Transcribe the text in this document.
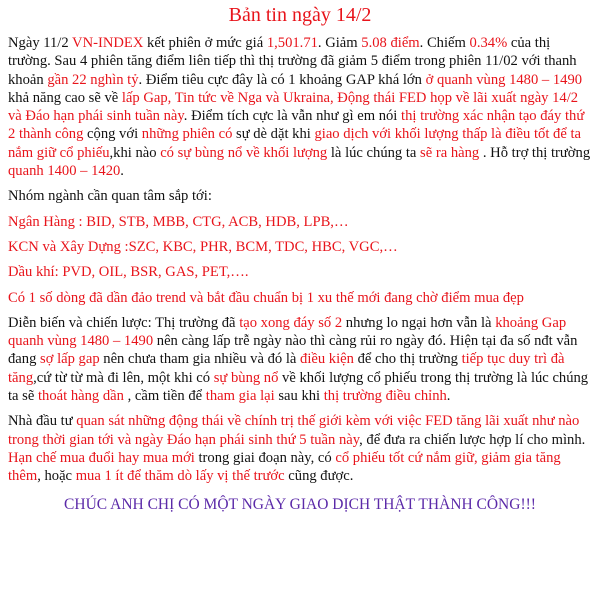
Bản tin ngày 14/2

Ngày 11/2 VN-INDEX kết phiên ở mức giá 1,501.71. Giảm 5.08 điểm. Chiếm 0.34% của thị trường. Sau 4 phiên tăng điểm liên tiếp thì thị trường đã giảm 5 điểm trong phiên 11/02 với thanh khoản gần 22 nghìn tỷ. Điểm tiêu cực đây là có 1 khoảng GAP khá lớn ở quanh vùng 1480 – 1490 khả năng cao sẽ về lấp Gap, Tin tức về Nga và Ukraina, Động thái FED họp về lãi xuất ngày 14/2 và Đáo hạn phái sinh tuần này. Điểm tích cực là vẫn như gì em nói thị trường xác nhận tạo đáy thứ 2 thành công cộng với những phiên có sự dè dặt khi giao dịch với khối lượng thấp là điều tốt để ta nắm giữ cổ phiếu,khi nào có sự bùng nổ về khối lượng là lúc chúng ta sẽ ra hàng . Hỗ trợ thị trường quanh 1400 – 1420.

Nhóm ngành cần quan tâm sắp tới:

Ngân Hàng : BID, STB, MBB, CTG, ACB, HDB, LPB,…

KCN và Xây Dựng :SZC, KBC, PHR, BCM, TDC, HBC, VGC,…

Dầu khí: PVD, OIL, BSR, GAS, PET,….

Có 1 số dòng đã dần đảo trend và bắt đầu chuẩn bị 1 xu thế mới đang chờ điểm mua đẹp

Diễn biến và chiến lược: Thị trường đã tạo xong đáy số 2 nhưng lo ngại hơn vẫn là khoảng Gap quanh vùng 1480 – 1490 nên càng lấp trễ ngày nào thì càng rủi ro ngày đó. Hiện tại đa số nđt vẫn đang sợ lấp gap nên chưa tham gia nhiều và đó là điều kiện để cho thị trường tiếp tục duy trì đà tăng,cứ từ từ mà đi lên, một khi có sự bùng nổ về khối lượng cổ phiếu trong thị trường là lúc chúng ta sẽ thoát hàng dần , cầm tiền để tham gia lại sau khi thị trường điều chỉnh.

Nhà đầu tư quan sát những động thái về chính trị thế giới kèm với việc FED tăng lãi xuất như nào trong thời gian tới và ngày Đáo hạn phái sinh thứ 5 tuần này, để đưa ra chiến lược hợp lí cho mình. Hạn chế mua đuổi hay mua mới trong giai đoạn này, có cổ phiếu tốt cứ nắm giữ, giảm gia tăng thêm, hoặc mua 1 ít để thăm dò lấy vị thế trước cũng được.

CHÚC ANH CHỊ CÓ MỘT NGÀY GIAO DỊCH THẬT THÀNH CÔNG!!!
